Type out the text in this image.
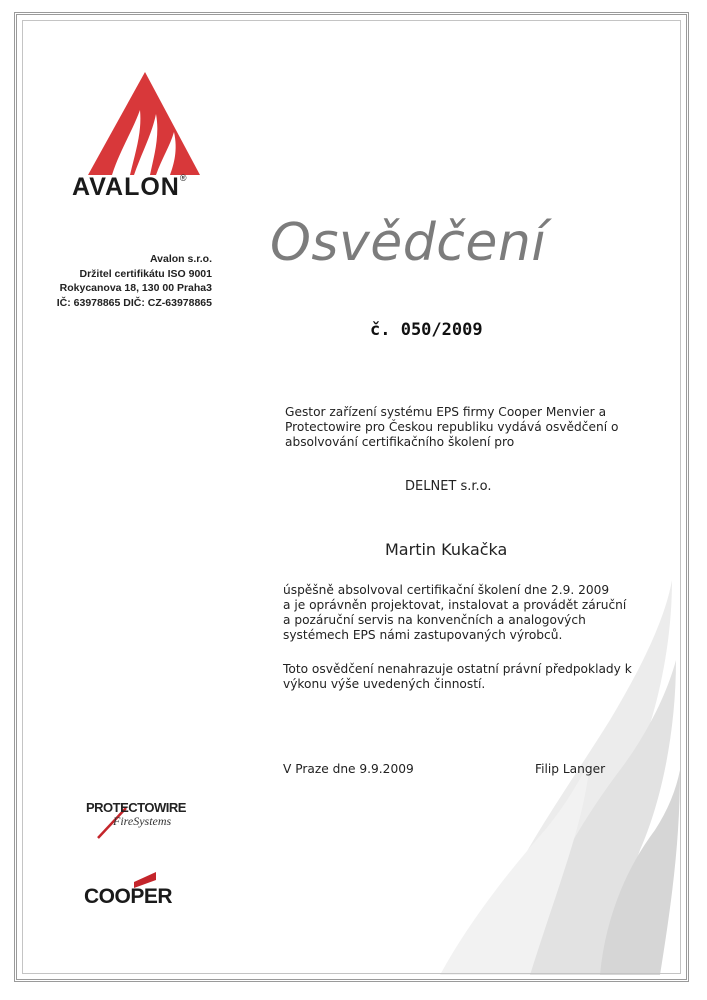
AVALON®
Avalon s.r.o.
Držitel certifikátu ISO 9001
Rokycanova 18, 130 00 Praha3
IČ: 63978865 DIČ: CZ-63978865
Osvědčení
č. 050/2009
Gestor zařízení systému EPS firmy Cooper Menvier a
Protectowire pro Českou republiku vydává osvědčení o
absolvování certifikačního školení pro
DELNET s.r.o.
Martin Kukačka
úspěšně absolvoval certifikační školení dne 2.9. 2009
a je oprávněn projektovat, instalovat a provádět záruční
a pozáruční servis na konvenčních a analogových
systémech EPS námi zastupovaných výrobců.
Toto osvědčení nenahrazuje ostatní právní předpoklady k
výkonu výše uvedených činností.
V Praze dne 9.9.2009	Filip Langer
PROTECTOWIRE
FireSystems
COOPER
